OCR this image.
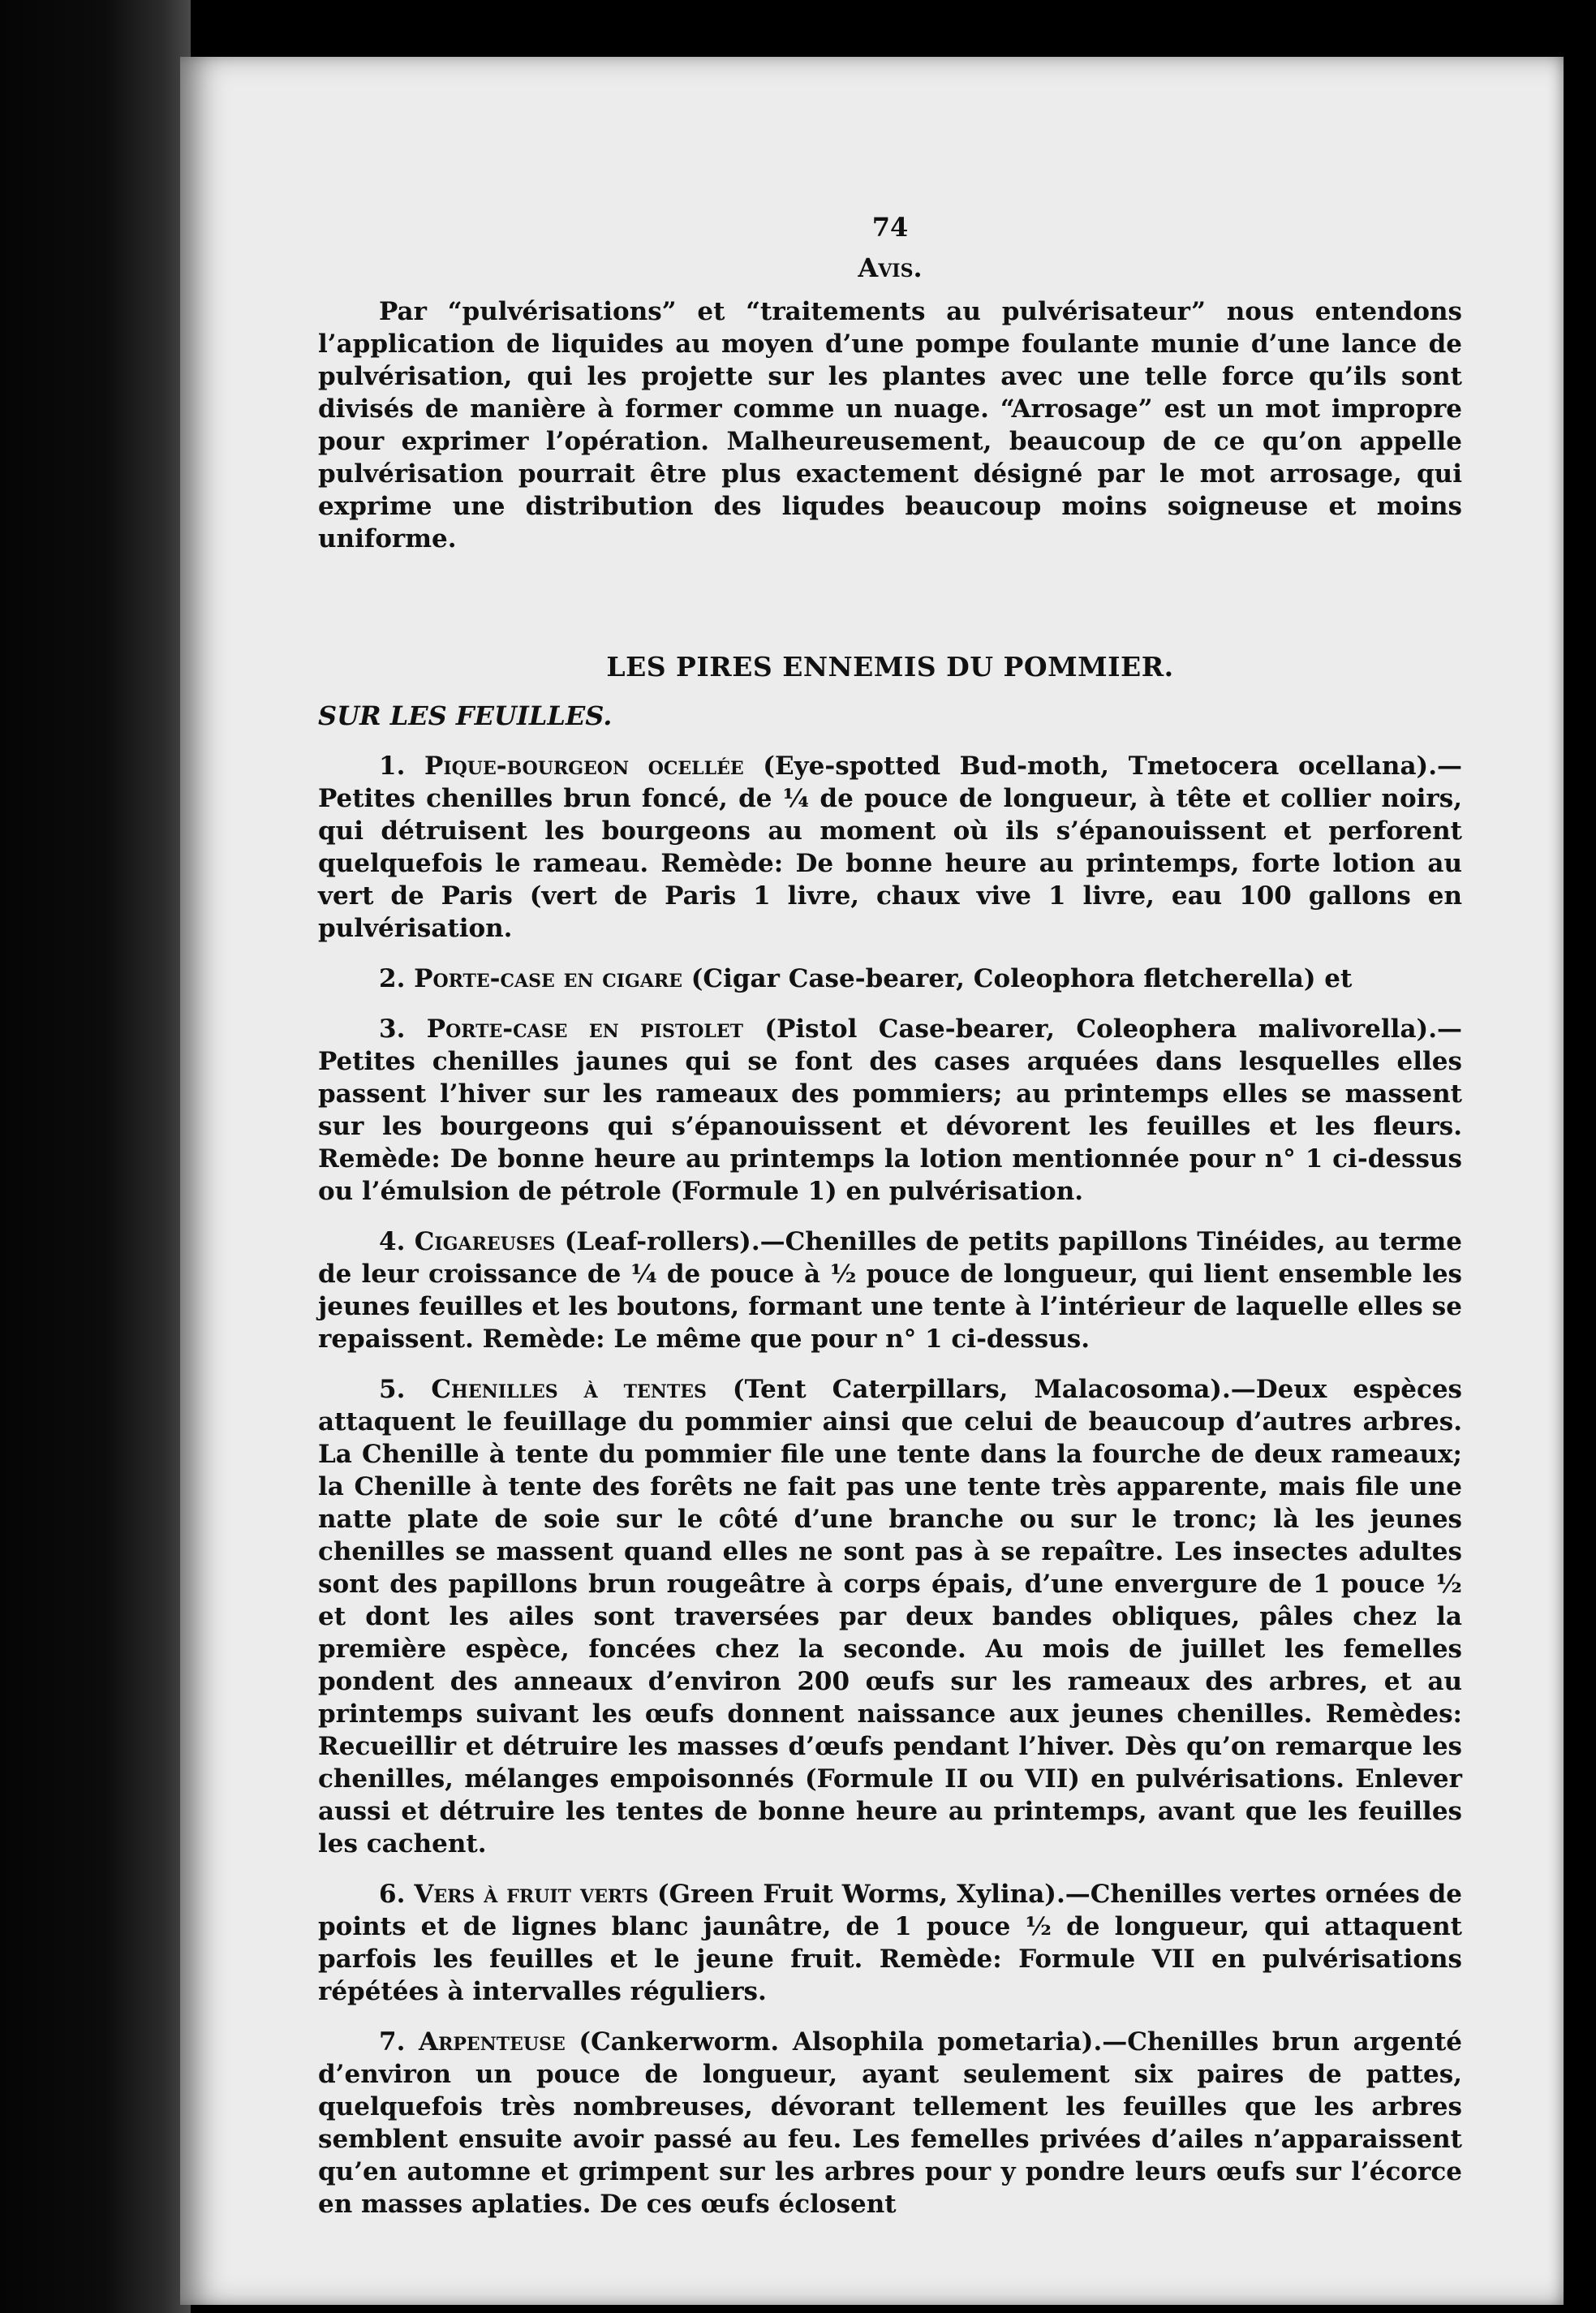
74
Avis.

Par “pulvérisations” et “traitements au pulvérisateur” nous entendons l’application de liquides au moyen d’une pompe foulante munie d’une lance de pulvérisation, qui les projette sur les plantes avec une telle force qu’ils sont divisés de manière à former comme un nuage. “Arrosage” est un mot impropre pour exprimer l’opération. Malheureusement, beaucoup de ce qu’on appelle pulvérisation pourrait être plus exactement désigné par le mot arrosage, qui exprime une distribution des liqudes beaucoup moins soigneuse et moins uniforme.

LES PIRES ENNEMIS DU POMMIER.
SUR LES FEUILLES.

1. Pique-bourgeon ocellée (Eye-spotted Bud-moth, Tmetocera ocellana).—Petites chenilles brun foncé, de ¼ de pouce de longueur, à tête et collier noirs, qui détruisent les bourgeons au moment où ils s’épanouissent et perforent quelquefois le rameau. Remède: De bonne heure au printemps, forte lotion au vert de Paris (vert de Paris 1 livre, chaux vive 1 livre, eau 100 gallons en pulvérisation.

2. Porte-case en cigare (Cigar Case-bearer, Coleophora fletcherella) et

3. Porte-case en pistolet (Pistol Case-bearer, Coleophera malivorella).—Petites chenilles jaunes qui se font des cases arquées dans lesquelles elles passent l’hiver sur les rameaux des pommiers; au printemps elles se massent sur les bourgeons qui s’épanouissent et dévorent les feuilles et les fleurs. Remède: De bonne heure au printemps la lotion mentionnée pour n° 1 ci-dessus ou l’émulsion de pétrole (Formule 1) en pulvérisation.

4. Cigareuses (Leaf-rollers).—Chenilles de petits papillons Tinéides, au terme de leur croissance de ¼ de pouce à ½ pouce de longueur, qui lient ensemble les jeunes feuilles et les boutons, formant une tente à l’intérieur de laquelle elles se repaissent. Remède: Le même que pour n° 1 ci-dessus.

5. Chenilles à tentes (Tent Caterpillars, Malacosoma).—Deux espèces attaquent le feuillage du pommier ainsi que celui de beaucoup d’autres arbres. La Chenille à tente du pommier file une tente dans la fourche de deux rameaux; la Chenille à tente des forêts ne fait pas une tente très apparente, mais file une natte plate de soie sur le côté d’une branche ou sur le tronc; là les jeunes chenilles se massent quand elles ne sont pas à se repaître. Les insectes adultes sont des papillons brun rougeâtre à corps épais, d’une envergure de 1 pouce ½ et dont les ailes sont traversées par deux bandes obliques, pâles chez la première espèce, foncées chez la seconde. Au mois de juillet les femelles pondent des anneaux d’environ 200 œufs sur les rameaux des arbres, et au printemps suivant les œufs donnent naissance aux jeunes chenilles. Remèdes: Recueillir et détruire les masses d’œufs pendant l’hiver. Dès qu’on remarque les chenilles, mélanges empoisonnés (Formule II ou VII) en pulvérisations. Enlever aussi et détruire les tentes de bonne heure au printemps, avant que les feuilles les cachent.

6. Vers à fruit verts (Green Fruit Worms, Xylina).—Chenilles vertes ornées de points et de lignes blanc jaunâtre, de 1 pouce ½ de longueur, qui attaquent parfois les feuilles et le jeune fruit. Remède: Formule VII en pulvérisations répétées à intervalles réguliers.

7. Arpenteuse (Cankerworm. Alsophila pometaria).—Chenilles brun argenté d’environ un pouce de longueur, ayant seulement six paires de pattes, quelquefois très nombreuses, dévorant tellement les feuilles que les arbres semblent ensuite avoir passé au feu. Les femelles privées d’ailes n’apparaissent qu’en automne et grimpent sur les arbres pour y pondre leurs œufs sur l’écorce en masses aplaties. De ces œufs éclosent
